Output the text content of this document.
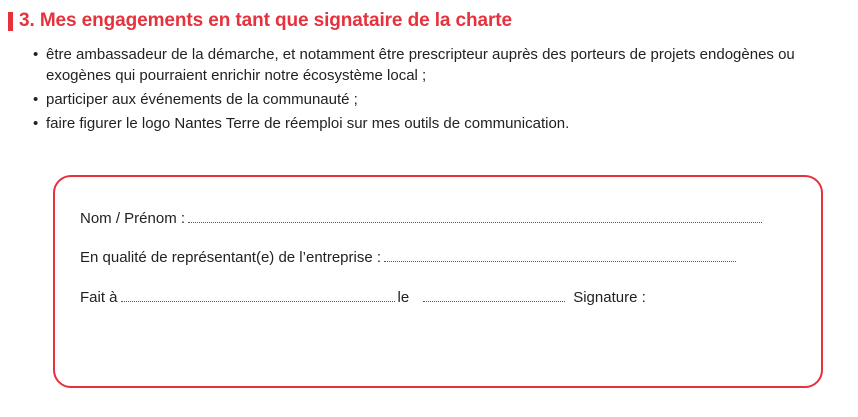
3. Mes engagements en tant que signataire de la charte
• être ambassadeur de la démarche, et notamment être prescripteur auprès des porteurs de projets endogènes ou exogènes qui pourraient enrichir notre écosystème local ;
• participer aux événements de la communauté ;
• faire figurer le logo Nantes Terre de réemploi sur mes outils de communication.
Nom / Prénom :
En qualité de représentant(e) de l’entreprise :
Fait à	le	Signature :
